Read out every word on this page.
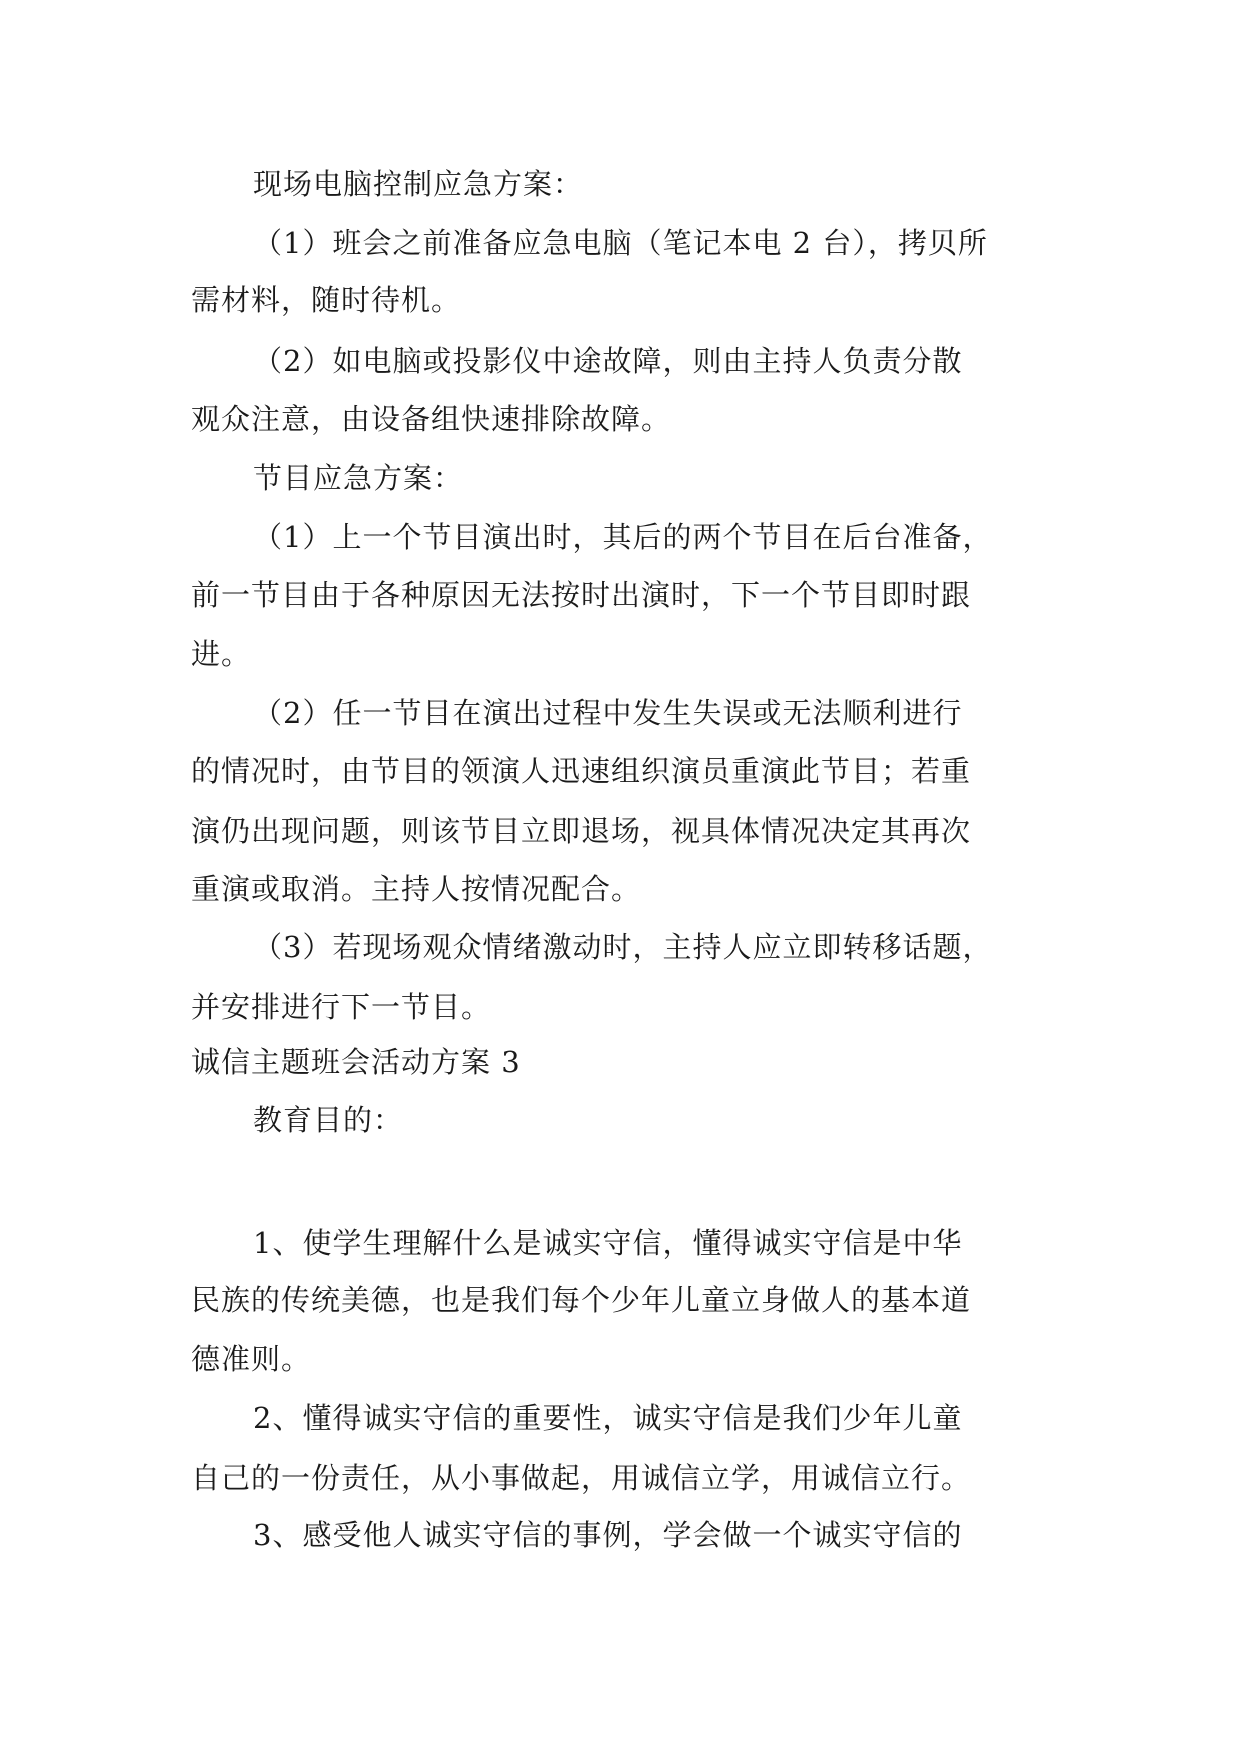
现场电脑控制应急方案：
（1）班会之前准备应急电脑（笔记本电 2 台），拷贝所
需材料，随时待机。
（2）如电脑或投影仪中途故障，则由主持人负责分散
观众注意，由设备组快速排除故障。
节目应急方案：
（1）上一个节目演出时，其后的两个节目在后台准备，
前一节目由于各种原因无法按时出演时，下一个节目即时跟
进。
（2）任一节目在演出过程中发生失误或无法顺利进行
的情况时，由节目的领演人迅速组织演员重演此节目；若重
演仍出现问题，则该节目立即退场，视具体情况决定其再次
重演或取消。主持人按情况配合。
（3）若现场观众情绪激动时，主持人应立即转移话题，
并安排进行下一节目。
诚信主题班会活动方案 3
教育目的：
1、使学生理解什么是诚实守信，懂得诚实守信是中华
民族的传统美德，也是我们每个少年儿童立身做人的基本道
德准则。
2、懂得诚实守信的重要性，诚实守信是我们少年儿童
自己的一份责任，从小事做起，用诚信立学，用诚信立行。
3、感受他人诚实守信的事例，学会做一个诚实守信的
